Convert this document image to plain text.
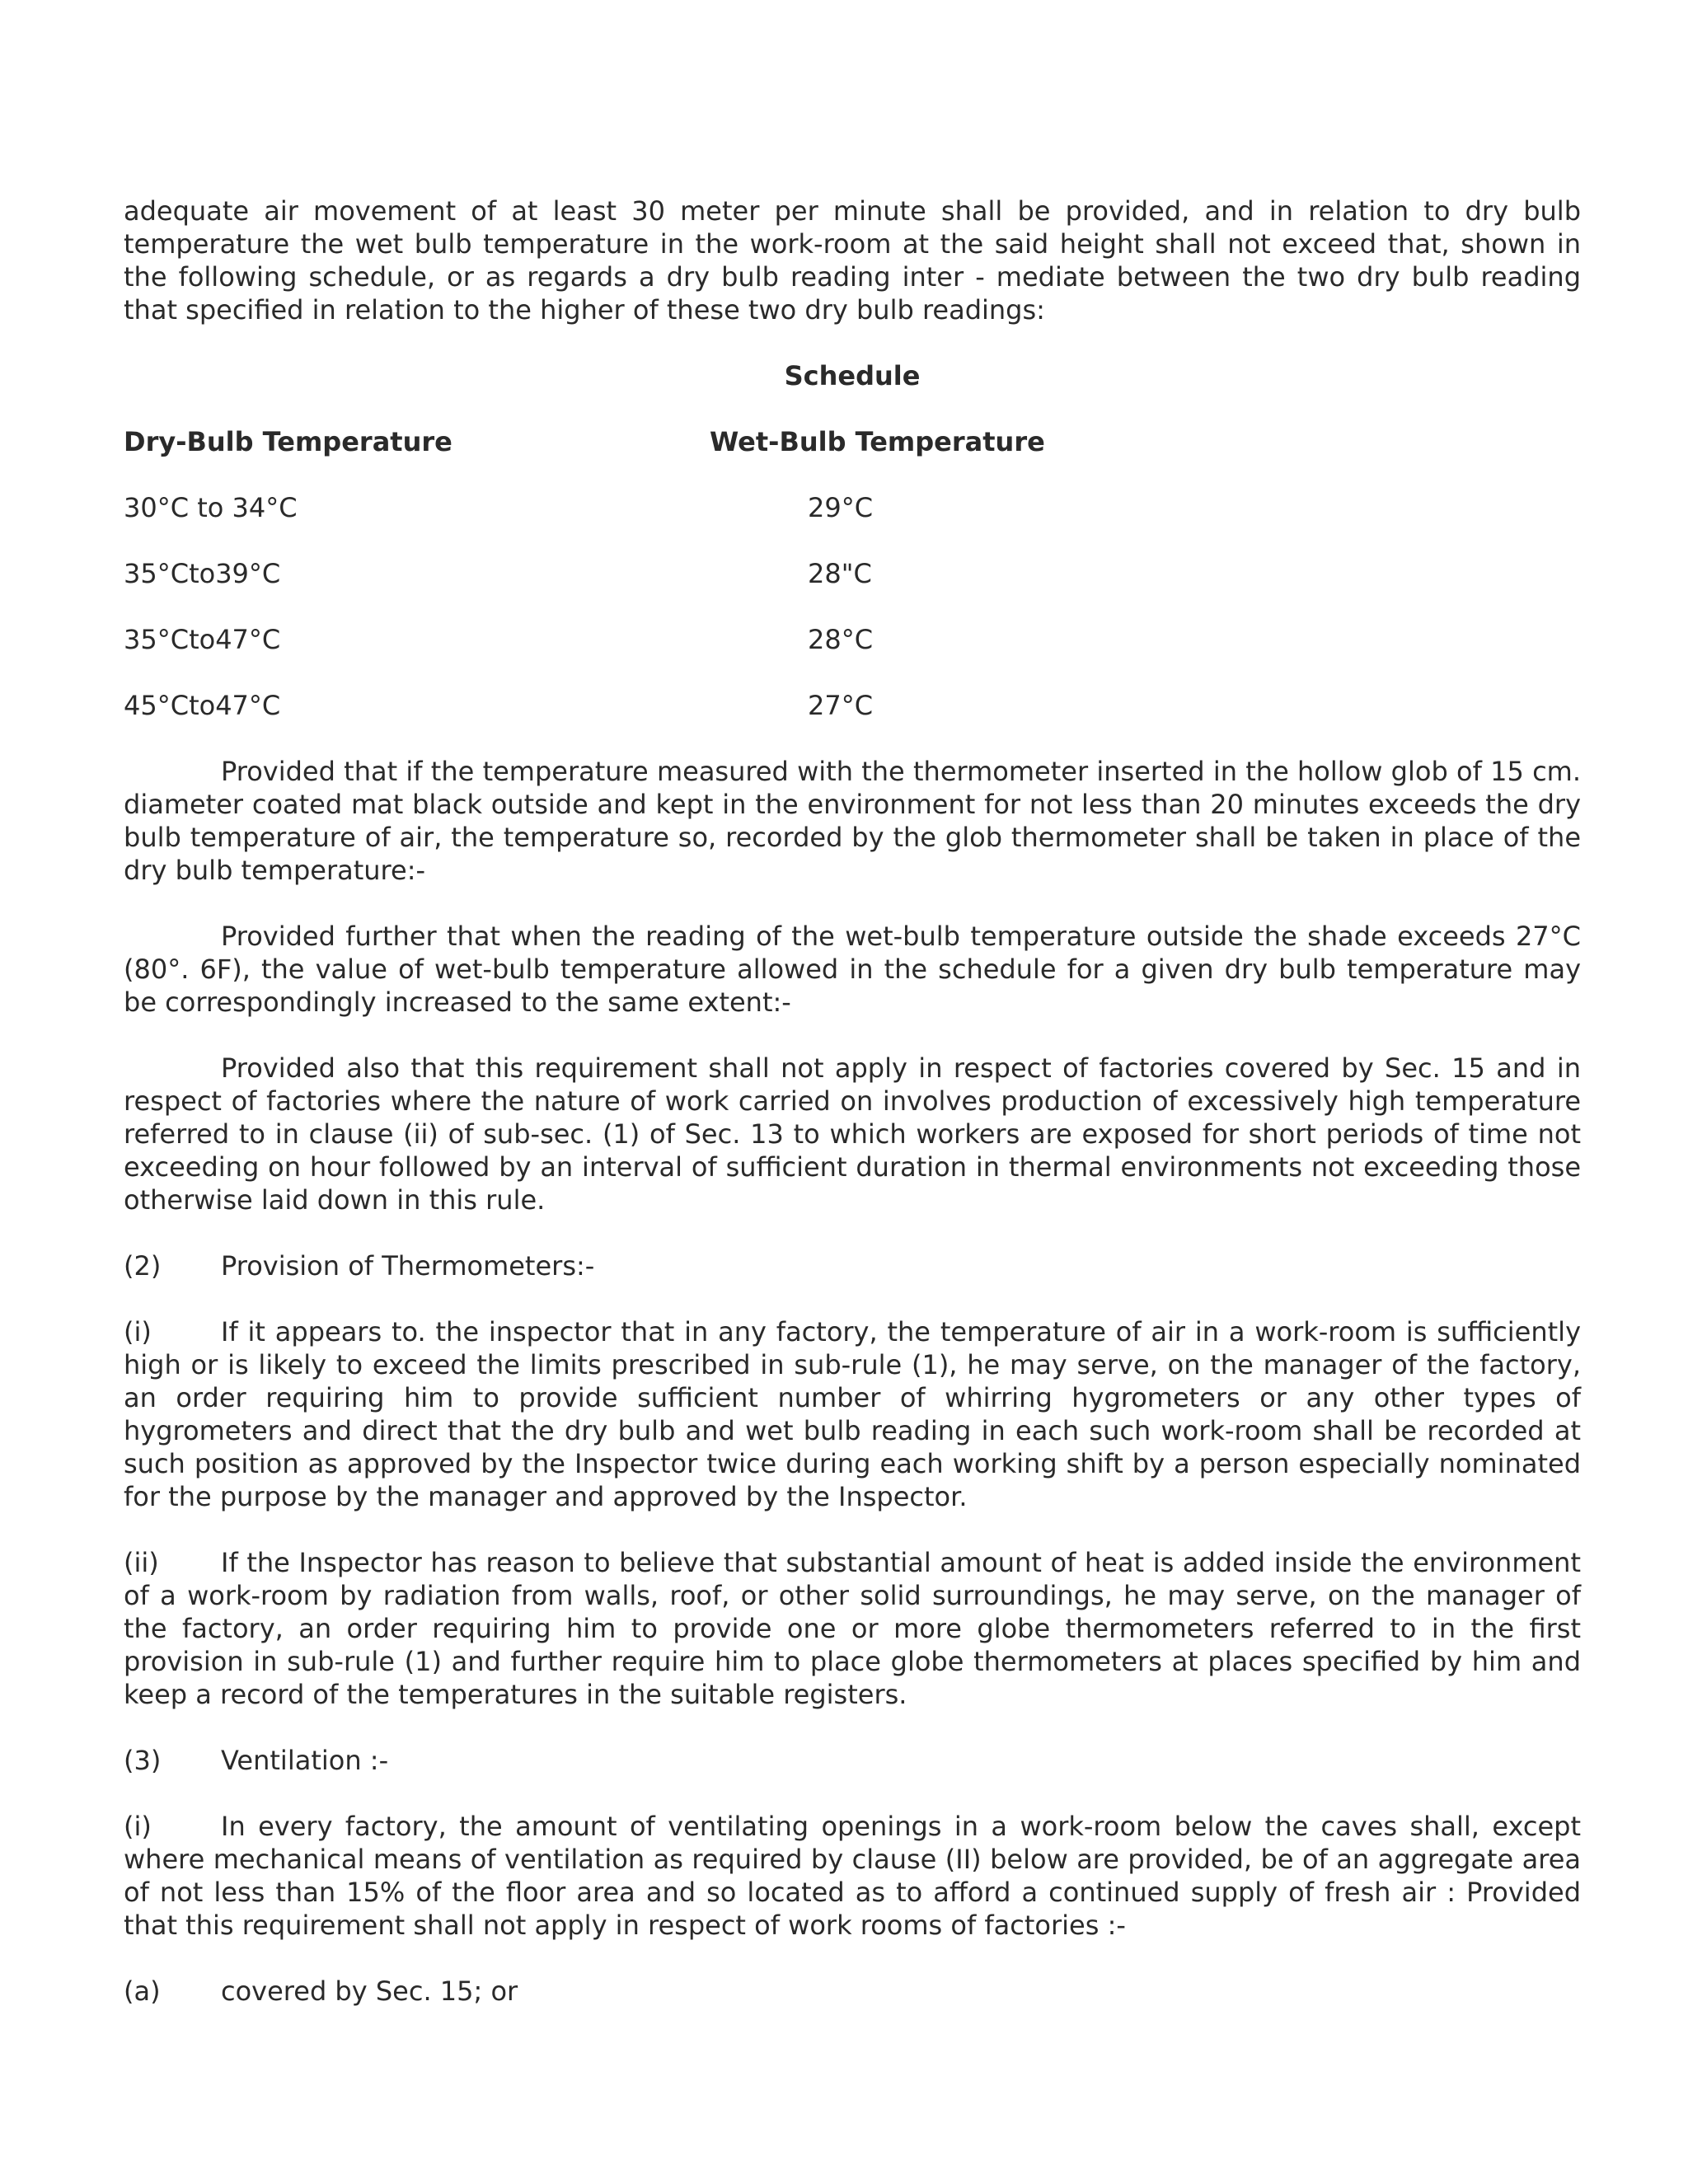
adequate air movement of at least 30 meter per minute shall be provided, and in relation to dry bulb temperature the wet bulb temperature in the work-room at the said height shall not exceed that, shown in the following schedule, or as regards a dry bulb reading inter - mediate between the two dry bulb reading that specified in relation to the higher of these two dry bulb readings:

Schedule
Dry-Bulb Temperature	Wet-Bulb Temperature
30°C to 34°C	29°C
35°Cto39°C	28"C
35°Cto47°C	28°C
45°Cto47°C	27°C

Provided that if the temperature measured with the thermometer inserted in the hollow glob of 15 cm. diameter coated mat black outside and kept in the environment for not less than 20 minutes exceeds the dry bulb temperature of air, the temperature so, recorded by the glob thermometer shall be taken in place of the dry bulb temperature:-

Provided further that when the reading of the wet-bulb temperature outside the shade exceeds 27°C (80°. 6F), the value of wet-bulb temperature allowed in the schedule for a given dry bulb temperature may be correspondingly increased to the same extent:-

Provided also that this requirement shall not apply in respect of factories covered by Sec. 15 and in respect of factories where the nature of work carried on involves production of excessively high temperature referred to in clause (ii) of sub-sec. (1) of Sec. 13 to which workers are exposed for short periods of time not exceeding on hour followed by an interval of sufficient duration in thermal environments not exceeding those otherwise laid down in this rule.

(2) Provision of Thermometers:-

(i)	If it appears to. the inspector that in any factory, the temperature of air in a work-room is sufficiently high or is likely to exceed the limits prescribed in sub-rule (1), he may serve, on the manager of the factory, an order requiring him to provide sufficient number of whirring hygrometers or any other types of hygrometers and direct that the dry bulb and wet bulb reading in each such work-room shall be recorded at such position as approved by the Inspector twice during each working shift by a person especially nominated for the purpose by the manager and approved by the Inspector.

(ii) If the Inspector has reason to believe that substantial amount of heat is added inside the environment of a work-room by radiation from walls, roof, or other solid surroundings, he may serve, on the manager of the factory, an order requiring him to provide one or more globe thermometers referred to in the first provision in sub-rule (1) and further require him to place globe thermometers at places specified by him and keep a record of the temperatures in the suitable registers.

(3) Ventilation :-

(i)	In every factory, the amount of ventilating openings in a work-room below the caves shall, except where mechanical means of ventilation as required by clause (II) below are provided, be of an aggregate area of not less than 15% of the floor area and so located as to afford a continued supply of fresh air : Provided that this requirement shall not apply in respect of work rooms of factories :-

(a) covered by Sec. 15; or
